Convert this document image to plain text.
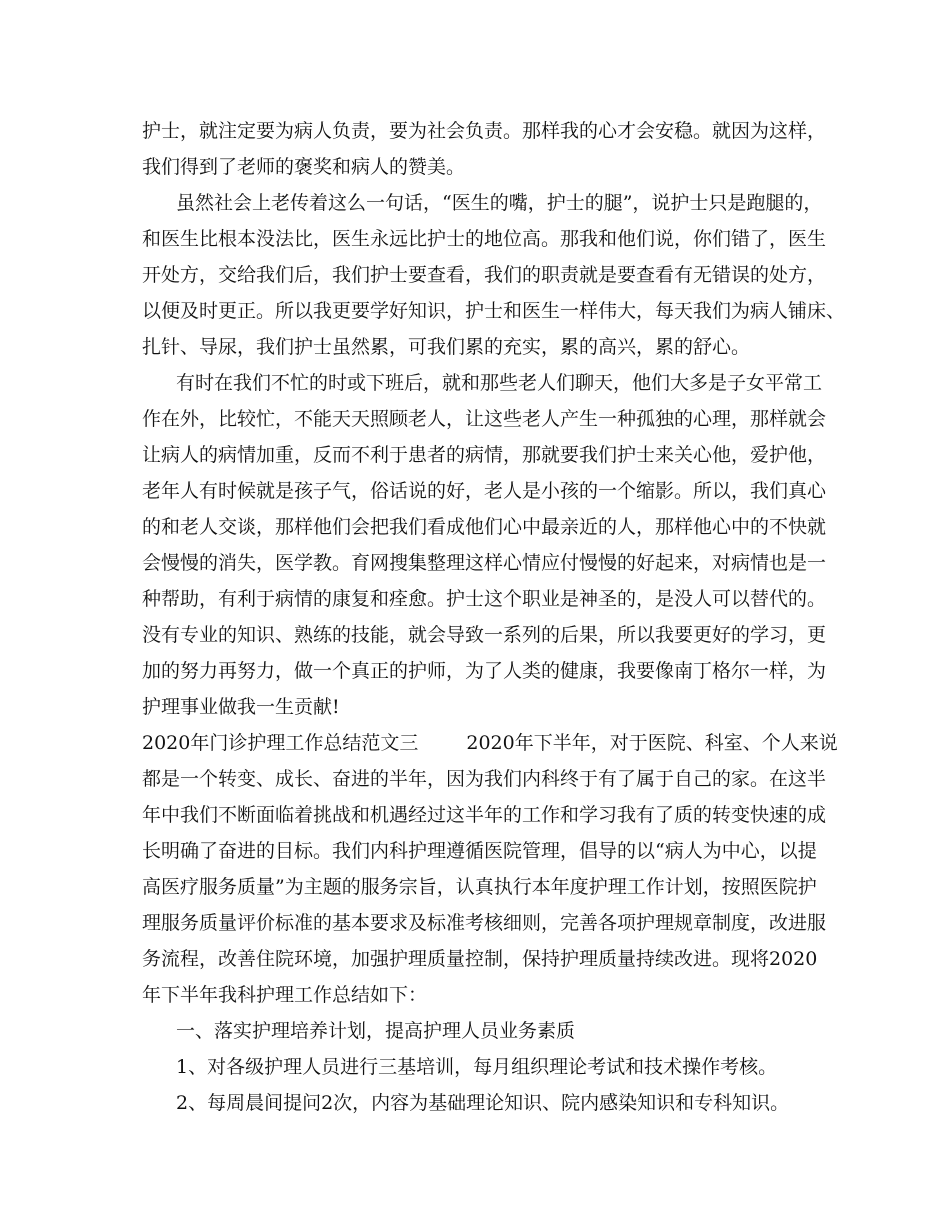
护士，就注定要为病人负责，要为社会负责。那样我的心才会安稳。就因为这样，
我们得到了老师的褒奖和病人的赞美。
虽然社会上老传着这么一句话，“医生的嘴，护士的腿”，说护士只是跑腿的，
和医生比根本没法比，医生永远比护士的地位高。那我和他们说，你们错了，医生
开处方，交给我们后，我们护士要查看，我们的职责就是要查看有无错误的处方，
以便及时更正。所以我更要学好知识，护士和医生一样伟大，每天我们为病人铺床、
扎针、导尿，我们护士虽然累，可我们累的充实，累的高兴，累的舒心。
有时在我们不忙的时或下班后，就和那些老人们聊天，他们大多是子女平常工
作在外，比较忙，不能天天照顾老人，让这些老人产生一种孤独的心理，那样就会
让病人的病情加重，反而不利于患者的病情，那就要我们护士来关心他，爱护他，
老年人有时候就是孩子气，俗话说的好，老人是小孩的一个缩影。所以，我们真心
的和老人交谈，那样他们会把我们看成他们心中最亲近的人，那样他心中的不快就
会慢慢的消失，医学教。育网搜集整理这样心情应付慢慢的好起来，对病情也是一
种帮助，有利于病情的康复和痊愈。护士这个职业是神圣的，是没人可以替代的。
没有专业的知识、熟练的技能，就会导致一系列的后果，所以我要更好的学习，更
加的努力再努力，做一个真正的护师，为了人类的健康，我要像南丁格尔一样，为
护理事业做我一生贡献!
2020年门诊护理工作总结范文三	2020年下半年，对于医院、科室、个人来说
都是一个转变、成长、奋进的半年，因为我们内科终于有了属于自己的家。在这半
年中我们不断面临着挑战和机遇经过这半年的工作和学习我有了质的转变快速的成
长明确了奋进的目标。我们内科护理遵循医院管理，倡导的以“病人为中心，以提
高医疗服务质量”为主题的服务宗旨，认真执行本年度护理工作计划，按照医院护
理服务质量评价标准的基本要求及标准考核细则，完善各项护理规章制度，改进服
务流程，改善住院环境，加强护理质量控制，保持护理质量持续改进。现将2020
年下半年我科护理工作总结如下：
一、落实护理培养计划，提高护理人员业务素质
1、对各级护理人员进行三基培训，每月组织理论考试和技术操作考核。
2、每周晨间提问2次，内容为基础理论知识、院内感染知识和专科知识。
